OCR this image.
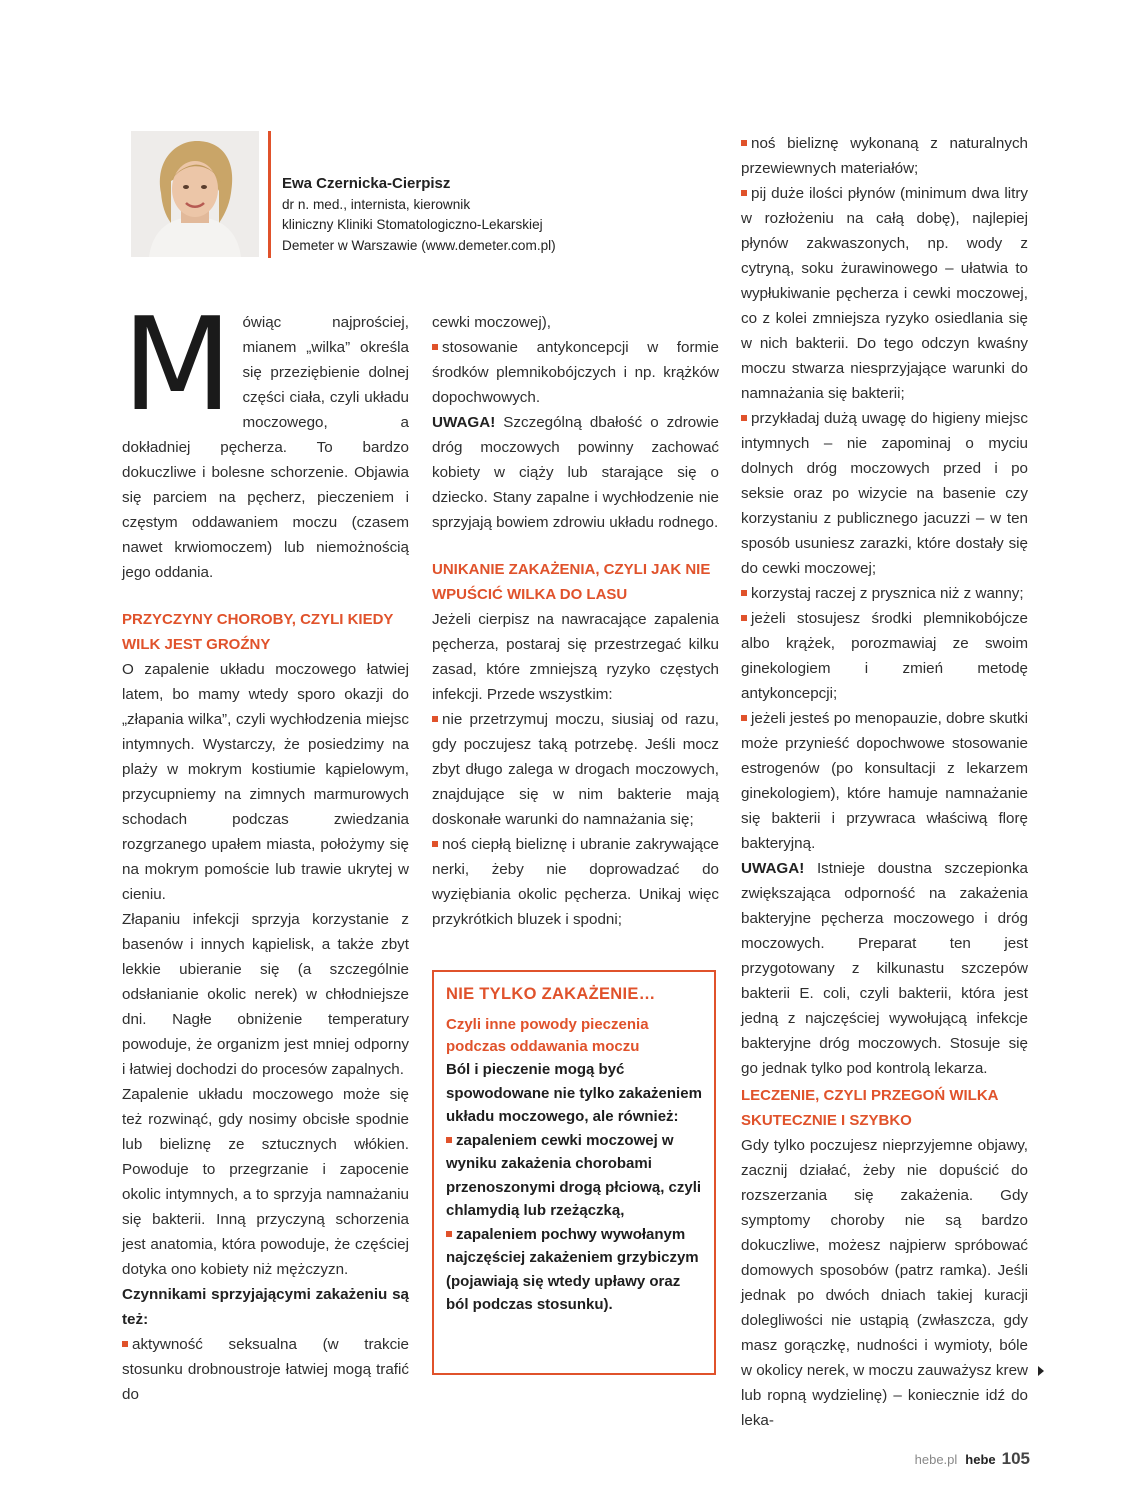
Ewa Czernicka-Cierpisz
dr n. med., internista, kierownik
kliniczny Kliniki Stomatologiczno-Lekarskiej
Demeter w Warszawie (www.demeter.com.pl)

Mówiąc najprościej, mianem „wilka” określa się przeziębienie dolnej części ciała, czyli układu moczowego, a dokładniej pęcherza. To bardzo dokuczliwe i bolesne schorzenie. Objawia się parciem na pęcherz, pieczeniem i częstym oddawaniem moczu (czasem nawet krwiomoczem) lub niemożnością jego oddania.

PRZYCZYNY CHOROBY, CZYLI KIEDY WILK JEST GROŹNY

O zapalenie układu moczowego łatwiej latem, bo mamy wtedy sporo okazji do „złapania wilka”, czyli wychłodzenia miejsc intymnych. Wystarczy, że posiedzimy na plaży w mokrym kostiumie kąpielowym, przycupniemy na zimnych marmurowych schodach podczas zwiedzania rozgrzanego upałem miasta, położymy się na mokrym pomoście lub trawie ukrytej w cieniu.

Złapaniu infekcji sprzyja korzystanie z basenów i innych kąpielisk, a także zbyt lekkie ubieranie się (a szczególnie odsłanianie okolic nerek) w chłodniejsze dni. Nagłe obniżenie temperatury powoduje, że organizm jest mniej odporny i łatwiej dochodzi do procesów zapalnych.

Zapalenie układu moczowego może się też rozwinąć, gdy nosimy obcisłe spodnie lub bieliznę ze sztucznych włókien. Powoduje to przegrzanie i zapocenie okolic intymnych, a to sprzyja namnażaniu się bakterii. Inną przyczyną schorzenia jest anatomia, która powoduje, że częściej dotyka ono kobiety niż mężczyzn.

Czynnikami sprzyjającymi zakażeniu są też:

aktywność seksualna (w trakcie stosunku drobnoustroje łatwiej mogą trafić do

cewki moczowej),

stosowanie antykoncepcji w formie środków plemnikobójczych i np. krążków dopochwowych.

UWAGA! Szczególną dbałość o zdrowie dróg moczowych powinny zachować kobiety w ciąży lub starające się o dziecko. Stany zapalne i wychłodzenie nie sprzyjają bowiem zdrowiu układu rodnego.

UNIKANIE ZAKAŻENIA, CZYLI JAK NIE WPUŚCIĆ WILKA DO LASU

Jeżeli cierpisz na nawracające zapalenia pęcherza, postaraj się przestrzegać kilku zasad, które zmniejszą ryzyko częstych infekcji. Przede wszystkim:

nie przetrzymuj moczu, siusiaj od razu, gdy poczujesz taką potrzebę. Jeśli mocz zbyt długo zalega w drogach moczowych, znajdujące się w nim bakterie mają doskonałe warunki do namnażania się;

noś ciepłą bieliznę i ubranie zakrywające nerki, żeby nie doprowadzać do wyziębiania okolic pęcherza. Unikaj więc przykrótkich bluzek i spodni;

NIE TYLKO ZAKAŻENIE…

Czyli inne powody pieczenia podczas oddawania moczu

Ból i pieczenie mogą być spowodowane nie tylko zakażeniem układu moczowego, ale również:

zapaleniem cewki moczowej w wyniku zakażenia chorobami przenoszonymi drogą płciową, czyli chlamydią lub rzeżączką,

zapaleniem pochwy wywołanym najczęściej zakażeniem grzybiczym (pojawiają się wtedy upławy oraz ból podczas stosunku).

noś bieliznę wykonaną z naturalnych przewiewnych materiałów;

pij duże ilości płynów (minimum dwa litry w rozłożeniu na całą dobę), najlepiej płynów zakwaszonych, np. wody z cytryną, soku żurawinowego – ułatwia to wypłukiwanie pęcherza i cewki moczowej, co z kolei zmniejsza ryzyko osiedlania się w nich bakterii. Do tego odczyn kwaśny moczu stwarza niesprzyjające warunki do namnażania się bakterii;

przykładaj dużą uwagę do higieny miejsc intymnych – nie zapominaj o myciu dolnych dróg moczowych przed i po seksie oraz po wizycie na basenie czy korzystaniu z publicznego jacuzzi – w ten sposób usuniesz zarazki, które dostały się do cewki moczowej;

korzystaj raczej z prysznica niż z wanny;

jeżeli stosujesz środki plemnikobójcze albo krążek, porozmawiaj ze swoim ginekologiem i zmień metodę antykoncepcji;

jeżeli jesteś po menopauzie, dobre skutki może przynieść dopochwowe stosowanie estrogenów (po konsultacji z lekarzem ginekologiem), które hamuje namnażanie się bakterii i przywraca właściwą florę bakteryjną.

UWAGA! Istnieje doustna szczepionka zwiększająca odporność na zakażenia bakteryjne pęcherza moczowego i dróg moczowych. Preparat ten jest przygotowany z kilkunastu szczepów bakterii E. coli, czyli bakterii, która jest jedną z najczęściej wywołującą infekcje bakteryjne dróg moczowych. Stosuje się go jednak tylko pod kontrolą lekarza.

LECZENIE, CZYLI PRZEGOŃ WILKA SKUTECZNIE I SZYBKO

Gdy tylko poczujesz nieprzyjemne objawy, zacznij działać, żeby nie dopuścić do rozszerzania się zakażenia. Gdy symptomy choroby nie są bardzo dokuczliwe, możesz najpierw spróbować domowych sposobów (patrz ramka). Jeśli jednak po dwóch dniach takiej kuracji dolegliwości nie ustąpią (zwłaszcza, gdy masz gorączkę, nudności i wymioty, bóle w okolicy nerek, w moczu zauważysz krew lub ropną wydzielinę) – koniecznie idź do leka-

hebe.pl hebe 105
